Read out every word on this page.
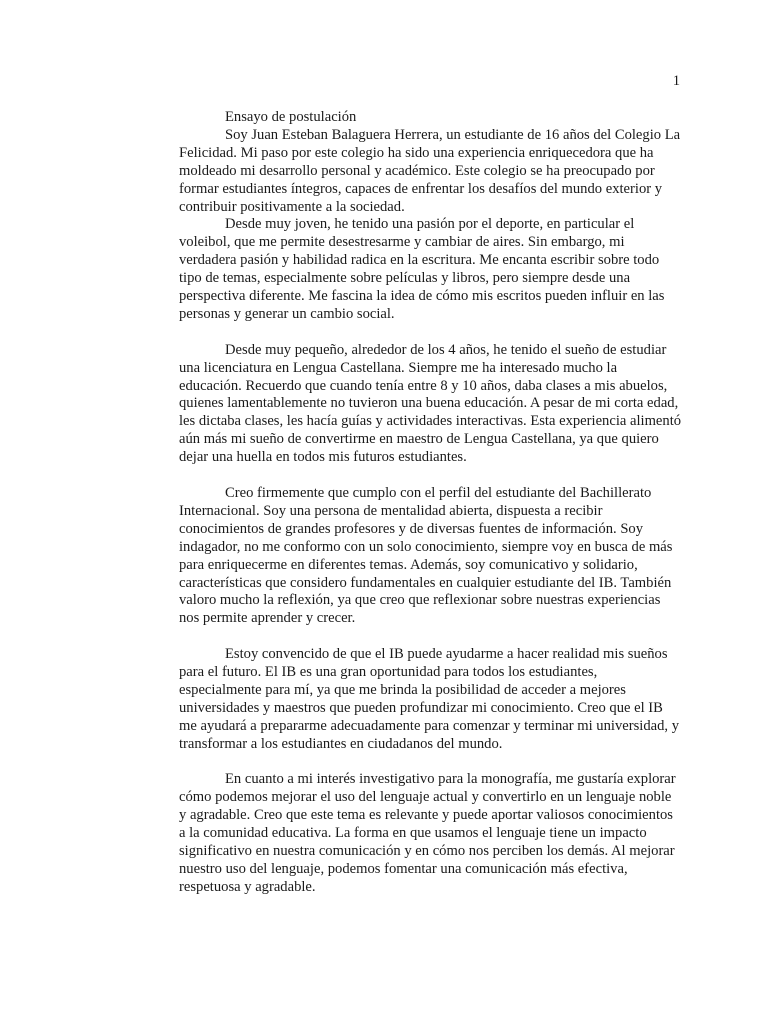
1

Ensayo de postulación

Soy Juan Esteban Balaguera Herrera, un estudiante de 16 años del Colegio La Felicidad. Mi paso por este colegio ha sido una experiencia enriquecedora que ha moldeado mi desarrollo personal y académico. Este colegio se ha preocupado por formar estudiantes íntegros, capaces de enfrentar los desafíos del mundo exterior y contribuir positivamente a la sociedad.

Desde muy joven, he tenido una pasión por el deporte, en particular el voleibol, que me permite desestresarme y cambiar de aires. Sin embargo, mi verdadera pasión y habilidad radica en la escritura. Me encanta escribir sobre todo tipo de temas, especialmente sobre películas y libros, pero siempre desde una perspectiva diferente. Me fascina la idea de cómo mis escritos pueden influir en las personas y generar un cambio social.

Desde muy pequeño, alrededor de los 4 años, he tenido el sueño de estudiar una licenciatura en Lengua Castellana. Siempre me ha interesado mucho la educación. Recuerdo que cuando tenía entre 8 y 10 años, daba clases a mis abuelos, quienes lamentablemente no tuvieron una buena educación. A pesar de mi corta edad, les dictaba clases, les hacía guías y actividades interactivas. Esta experiencia alimentó aún más mi sueño de convertirme en maestro de Lengua Castellana, ya que quiero dejar una huella en todos mis futuros estudiantes.

Creo firmemente que cumplo con el perfil del estudiante del Bachillerato Internacional. Soy una persona de mentalidad abierta, dispuesta a recibir conocimientos de grandes profesores y de diversas fuentes de información. Soy indagador, no me conformo con un solo conocimiento, siempre voy en busca de más para enriquecerme en diferentes temas. Además, soy comunicativo y solidario, características que considero fundamentales en cualquier estudiante del IB. También valoro mucho la reflexión, ya que creo que reflexionar sobre nuestras experiencias nos permite aprender y crecer.

Estoy convencido de que el IB puede ayudarme a hacer realidad mis sueños para el futuro. El IB es una gran oportunidad para todos los estudiantes, especialmente para mí, ya que me brinda la posibilidad de acceder a mejores universidades y maestros que pueden profundizar mi conocimiento. Creo que el IB me ayudará a prepararme adecuadamente para comenzar y terminar mi universidad, y transformar a los estudiantes en ciudadanos del mundo.

En cuanto a mi interés investigativo para la monografía, me gustaría explorar cómo podemos mejorar el uso del lenguaje actual y convertirlo en un lenguaje noble y agradable. Creo que este tema es relevante y puede aportar valiosos conocimientos a la comunidad educativa. La forma en que usamos el lenguaje tiene un impacto significativo en nuestra comunicación y en cómo nos perciben los demás. Al mejorar nuestro uso del lenguaje, podemos fomentar una comunicación más efectiva, respetuosa y agradable.
